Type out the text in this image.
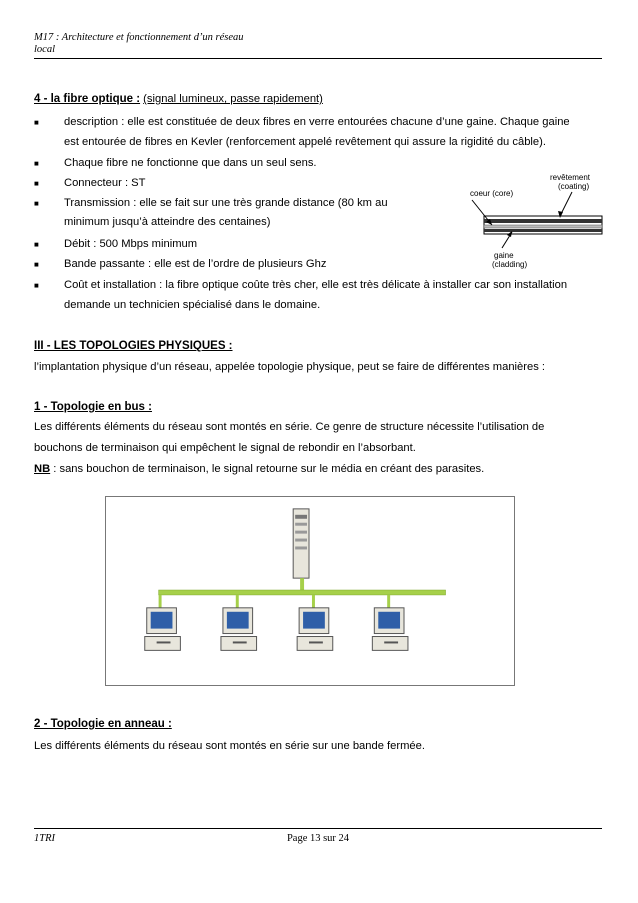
M17 : Architecture et fonctionnement d’un réseau
local
4 - la fibre optique : (signal lumineux, passe rapidement)
■ description : elle est constituée de deux fibres en verre entourées chacune d’une gaine. Chaque gaine
est entourée de fibres en Kevler (renforcement appelé revêtement qui assure la rigidité du câble).
■ Chaque fibre ne fonctionne que dans un seul sens.
■ Connecteur : ST
■ Transmission : elle se fait sur une très grande distance (80 km au
minimum jusqu’à atteindre des centaines)
■ Débit : 500 Mbps minimum
■ Bande passante : elle est de l’ordre de plusieurs Ghz
■ Coût et installation : la fibre optique coûte très cher, elle est très délicate à installer car son installation
demande un technicien spécialisé dans le domaine.
III - LES TOPOLOGIES PHYSIQUES :
l’implantation physique d’un réseau, appelée topologie physique, peut se faire de différentes manières :
1 - Topologie en bus :
Les différents éléments du réseau sont montés en série. Ce genre de structure nécessite l’utilisation de
bouchons de terminaison qui empêchent le signal de rebondir en l’absorbant.
NB : sans bouchon de terminaison, le signal retourne sur le média en créant des parasites.
2 - Topologie en anneau :
Les différents éléments du réseau sont montés en série sur une bande fermée.
revêtement
(coating)
coeur (core)
gaine
(cladding)
1TRI	Page 13 sur 24
